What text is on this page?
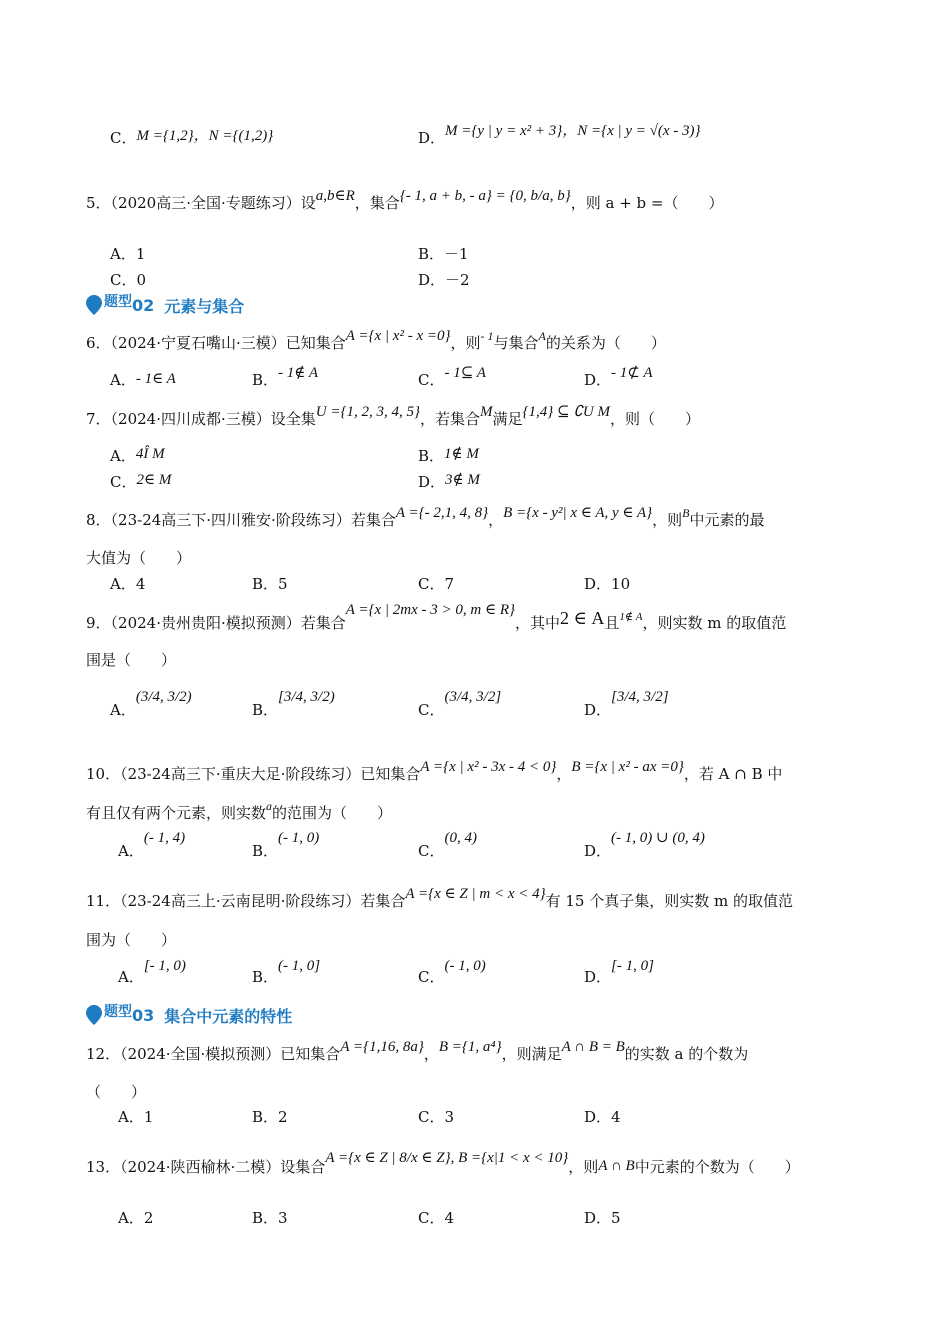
C．M ={1,2}，N ={(1,2)}	D．M ={y | y = x² + 3}，N ={x | y = √(x - 3)}
5．（2020高三·全国·专题练习）设a,b∈R，集合{- 1, a + b, - a} = {0, b/a, b}，则 a + b =（　　）
A．1	B．－1
C．0	D．－2
题型 02 元素与集合
6．（2024·宁夏石嘴山·三模）已知集合A ={x | x² - x =0}，则$^{- 1}$与集合$^A$的关系为（　　）
A．- 1∈ A	B．- 1∉ A	C．- 1⊆ A	D．- 1⊄ A
7．（2024·四川成都·三模）设全集U ={1, 2, 3, 4, 5}，若集合M满足{1,4} ⊆ ∁U M，则（　　）
A．4Î M	B．1∉ M
C．2∈ M	D．3∉ M
8．（23-24高三下·四川雅安·阶段练习）若集合A ={- 2,1, 4, 8}，B ={x - y²| x ∈ A, y ∈ A}，则$^B$中元素的最
大值为（　　）
A．4	B．5	C．7	D．10
9．（2024·贵州贵阳·模拟预测）若集合A ={x | 2mx - 3 > 0, m ∈ R}，其中2 ∈ A且$^{1\notin A}$，则实数 m 的取值范
围是（　　）
A．(3/4, 3/2)
B．[3/4, 3/2)
C．(3/4, 3/2]
D．[3/4, 3/2]
10．（23-24高三下·重庆大足·阶段练习）已知集合A ={x | x² - 3x - 4 < 0}，B ={x | x² - ax =0}，若 A ∩ B 中
有且仅有两个元素，则实数$^a$的范围为（　　）
A．(- 1, 4)
B．(- 1, 0)
C．(0, 4)
D．(- 1, 0) ∪ (0, 4)
11．（23-24高三上·云南昆明·阶段练习）若集合A ={x ∈ Z | m < x < 4}有 15 个真子集，则实数 m 的取值范
围为（　　）
A．[- 1, 0)
B．(- 1, 0]
C．(- 1, 0)
D．[- 1, 0]
题型 03 集合中元素的特性
12．（2024·全国·模拟预测）已知集合A ={1,16, 8a}，B ={1, a⁴}，则满足A ∩ B = B的实数 a 的个数为
（　　）
A．1	B．2	C．3	D．4
13．（2024·陕西榆林·二模）设集合A ={x ∈ Z | 8/x ∈ Z}, B ={x|1 < x < 10}，则A ∩ B中元素的个数为（　　）
A．2	B．3	C．4	D．5
